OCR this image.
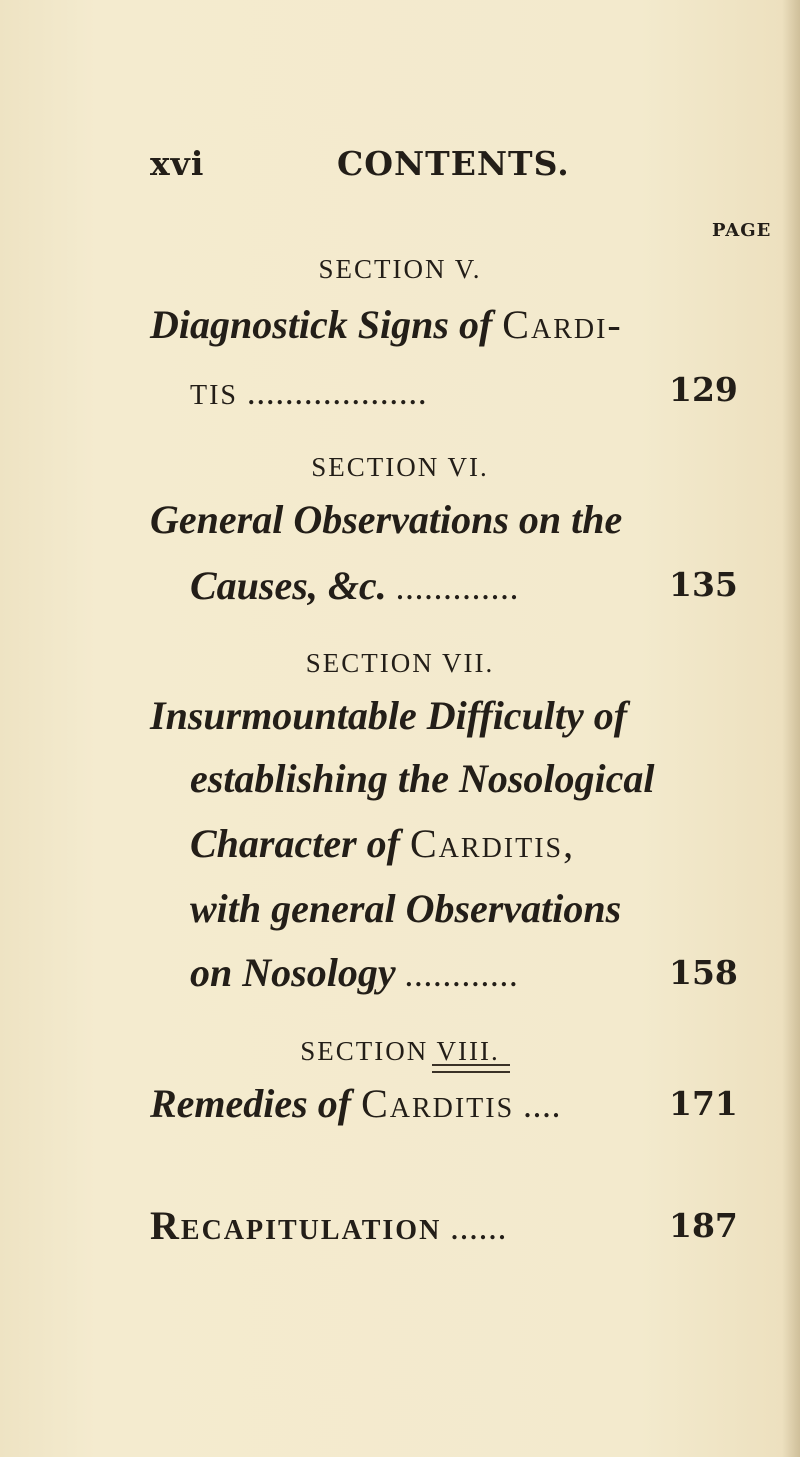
xvi	CONTENTS.
PAGE
SECTION V.
Diagnostick Signs of Cardi-
tis ...................	129
SECTION VI.
General Observations on the
Causes, &c. .............	135
SECTION VII.
Insurmountable Difficulty of
establishing the Nosological
Character of Carditis,
with general Observations
on Nosology ............	158
SECTION VIII.
Remedies of Carditis ....	171
Recapitulation ......	187
